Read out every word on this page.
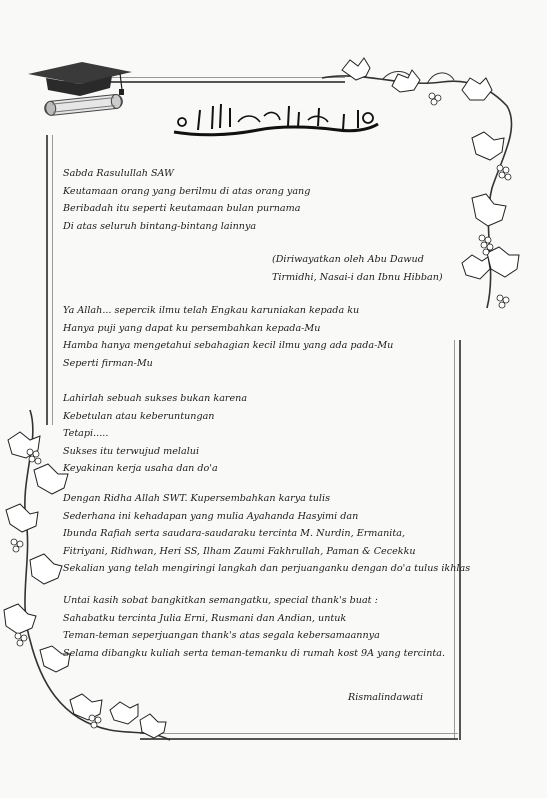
Sabda Rasulullah SAW
Keutamaan orang yang berilmu di atas orang yang
Beribadah itu seperti keutamaan bulan purnama
Di atas seluruh bintang-bintang lainnya
(Diriwayatkan oleh Abu Dawud
Tirmidhi, Nasai-i dan Ibnu Hibban)
Ya Allah... sepercik ilmu telah Engkau karuniakan kepada ku
Hanya puji yang dapat ku persembahkan kepada-Mu
Hamba hanya mengetahui sebahagian kecil ilmu yang ada pada-Mu
Seperti firman-Mu
Lahirlah sebuah sukses bukan karena
Kebetulan atau keberuntungan
Tetapi.....
Sukses itu terwujud melalui
Keyakinan kerja usaha dan do'a
Dengan Ridha Allah SWT. Kupersembahkan karya tulis
Sederhana ini kehadapan yang mulia Ayahanda Hasyimi dan
Ibunda Rafiah serta saudara-saudaraku tercinta M. Nurdin, Ermanita,
Fitriyani, Ridhwan, Heri SS, Ilham Zaumi Fakhrullah, Paman & Cecekku
Sekalian yang telah mengiringi langkah dan perjuanganku dengan do'a tulus ikhlas
Untai kasih sobat bangkitkan semangatku, special thank's buat :
Sahabatku tercinta Julia Erni, Rusmani dan Andian, untuk
Teman-teman seperjuangan thank's atas segala kebersamaannya
Selama dibangku kuliah serta teman-temanku di rumah kost 9A yang tercinta.
Rismalindawati
